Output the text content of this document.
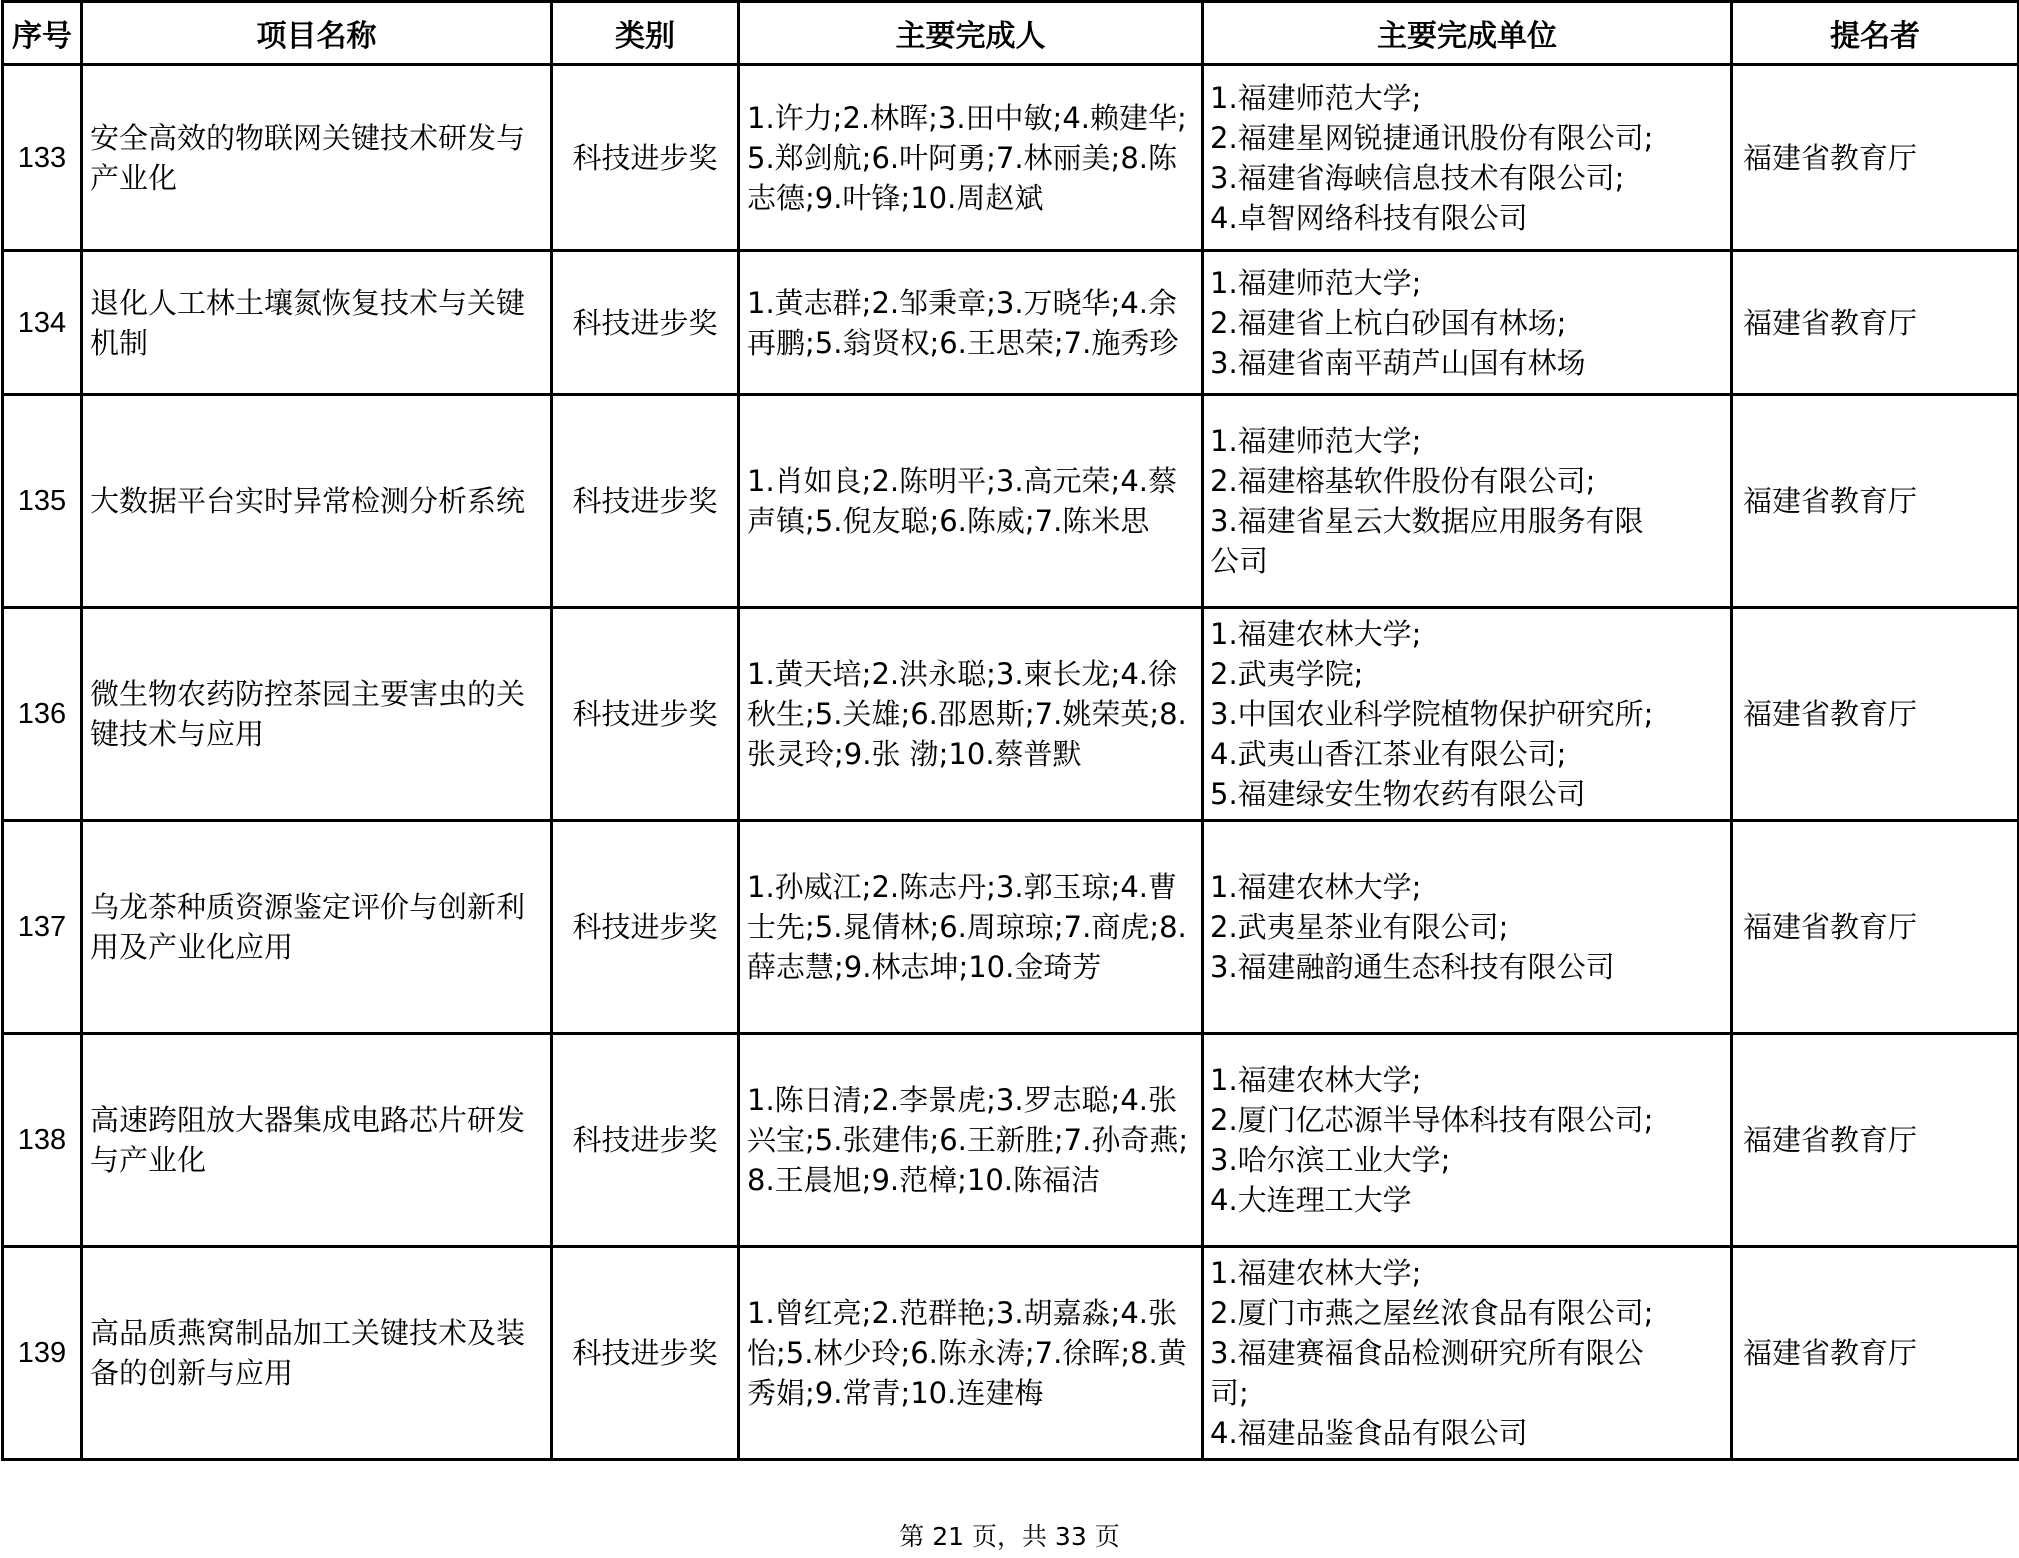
序号	项目名称	类别	主要完成人	主要完成单位	提名者
133	安全高效的物联网关键技术研发与产业化	科技进步奖	1.许力;2.林晖;3.田中敏;4.赖建华;5.郑剑航;6.叶阿勇;7.林丽美;8.陈志德;9.叶锋;10.周赵斌	1.福建师范大学;
2.福建星网锐捷通讯股份有限公司;
3.福建省海峡信息技术有限公司;
4.卓智网络科技有限公司	福建省教育厅
134	退化人工林土壤氮恢复技术与关键机制	科技进步奖	1.黄志群;2.邹秉章;3.万晓华;4.余再鹏;5.翁贤权;6.王思荣;7.施秀珍	1.福建师范大学;
2.福建省上杭白砂国有林场;
3.福建省南平葫芦山国有林场	福建省教育厅
135	大数据平台实时异常检测分析系统	科技进步奖	1.肖如良;2.陈明平;3.高元荣;4.蔡声镇;5.倪友聪;6.陈威;7.陈米思	1.福建师范大学;
2.福建榕基软件股份有限公司;
3.福建省星云大数据应用服务有限
公司	福建省教育厅
136	微生物农药防控茶园主要害虫的关键技术与应用	科技进步奖	1.黄天培;2.洪永聪;3.柬长龙;4.徐秋生;5.关雄;6.邵恩斯;7.姚荣英;8.张灵玲;9.张 渤;10.蔡普默	1.福建农林大学;
2.武夷学院;
3.中国农业科学院植物保护研究所;
4.武夷山香江茶业有限公司;
5.福建绿安生物农药有限公司	福建省教育厅
137	乌龙茶种质资源鉴定评价与创新利用及产业化应用	科技进步奖	1.孙威江;2.陈志丹;3.郭玉琼;4.曹士先;5.晁倩林;6.周琼琼;7.商虎;8.薛志慧;9.林志坤;10.金琦芳	1.福建农林大学;
2.武夷星茶业有限公司;
3.福建融韵通生态科技有限公司	福建省教育厅
138	高速跨阻放大器集成电路芯片研发与产业化	科技进步奖	1.陈日清;2.李景虎;3.罗志聪;4.张兴宝;5.张建伟;6.王新胜;7.孙奇燕;8.王晨旭;9.范樟;10.陈福洁	1.福建农林大学;
2.厦门亿芯源半导体科技有限公司;
3.哈尔滨工业大学;
4.大连理工大学	福建省教育厅
139	高品质燕窝制品加工关键技术及装备的创新与应用	科技进步奖	1.曾红亮;2.范群艳;3.胡嘉淼;4.张怡;5.林少玲;6.陈永涛;7.徐晖;8.黄秀娟;9.常青;10.连建梅	1.福建农林大学;
2.厦门市燕之屋丝浓食品有限公司;
3.福建赛福食品检测研究所有限公
司;
4.福建品鉴食品有限公司	福建省教育厅
第 21 页，共 33 页
